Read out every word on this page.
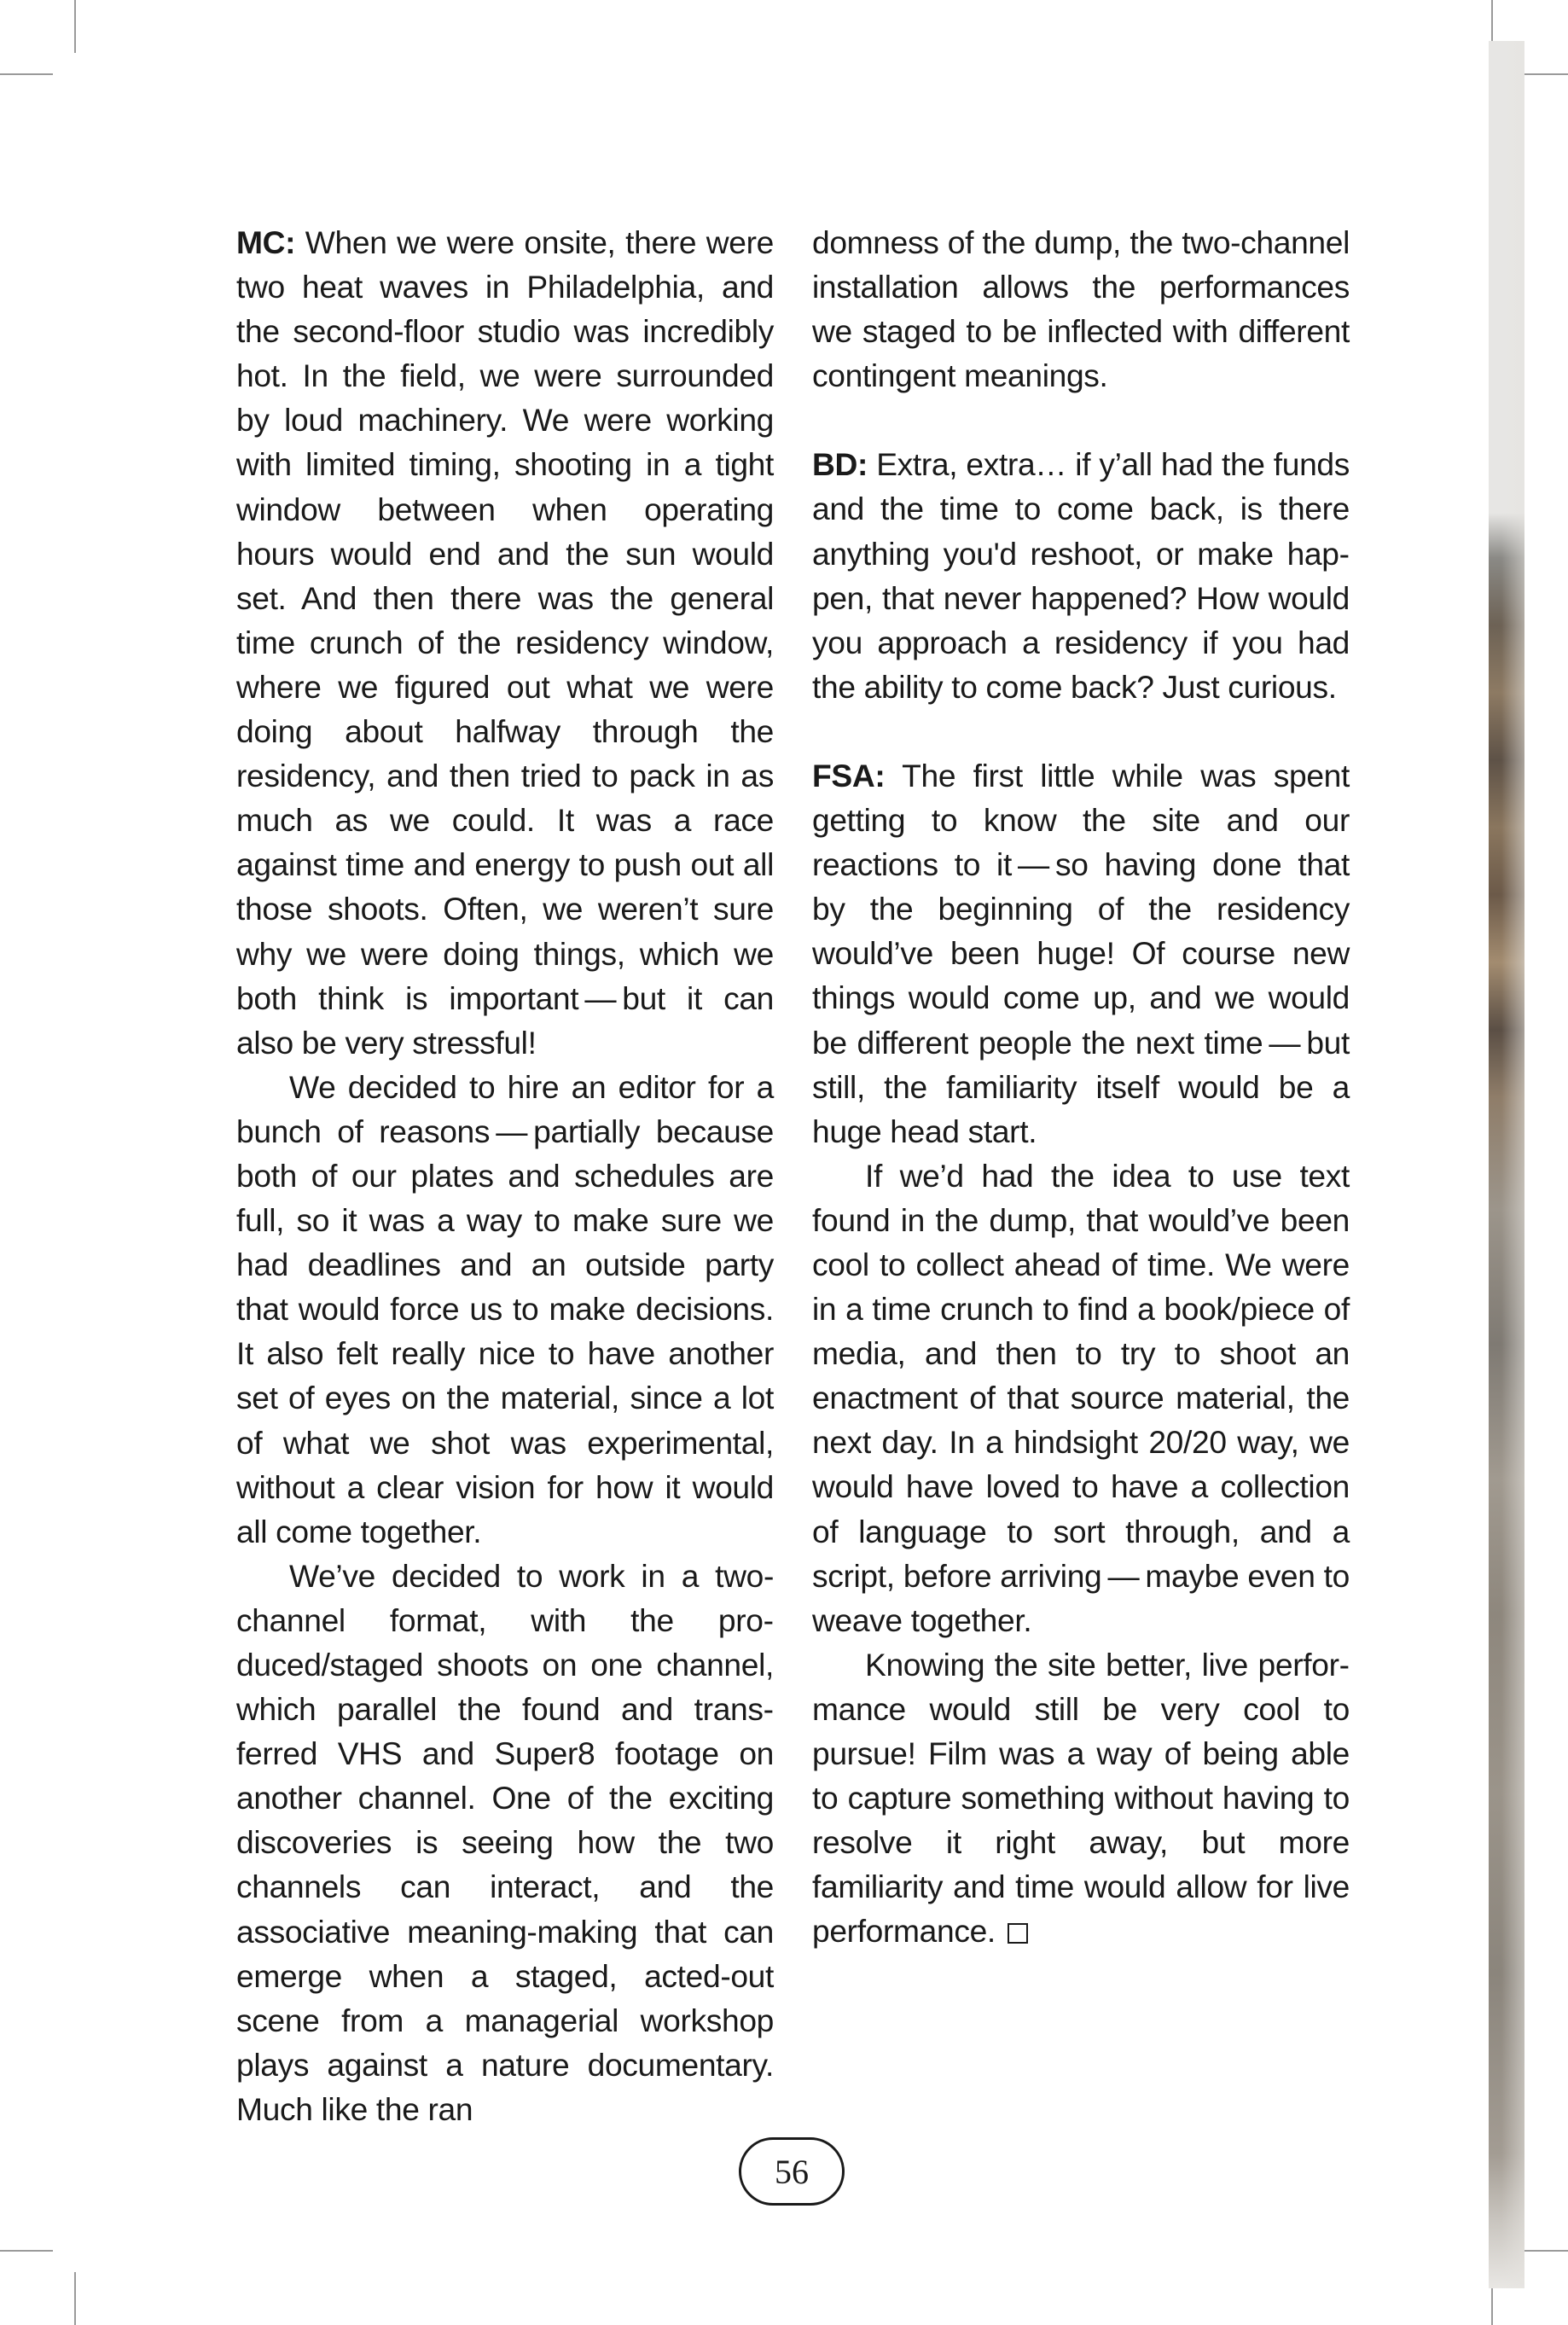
MC: When we were onsite, there were two heat waves in Philadelphia, and the second-floor studio was incredibly hot. In the field, we were surrounded by loud machinery. We were working with limited timing, shooting in a tight window between when operating hours would end and the sun would set. And then there was the general time crunch of the residency window, where we figured out what we were doing about halfway through the residency, and then tried to pack in as much as we could. It was a race against time and energy to push out all those shoots. Often, we weren’t sure why we were doing things, which we both think is important — but it can also be very stressful!

We decided to hire an editor for a bunch of reasons — partially because both of our plates and schedules are full, so it was a way to make sure we had deadlines and an outside party that would force us to make decisions. It also felt really nice to have another set of eyes on the material, since a lot of what we shot was experimental, without a clear vision for how it would all come together.

We’ve decided to work in a two-channel format, with the produced/staged shoots on one channel, which parallel the found and transferred VHS and Super8 footage on another channel. One of the exciting discoveries is seeing how the two channels can interact, and the associative meaning-making that can emerge when a staged, acted-out scene from a managerial workshop plays against a nature documentary. Much like the ran

domness of the dump, the two-channel installation allows the performances we staged to be inflected with different contingent meanings.

BD: Extra, extra… if y’all had the funds and the time to come back, is there anything you'd reshoot, or make happen, that never happened? How would you approach a residency if you had the ability to come back? Just curious.

FSA: The first little while was spent getting to know the site and our reactions to it — so having done that by the beginning of the residency would’ve been huge! Of course new things would come up, and we would be different people the next time — but still, the familiarity itself would be a huge head start.

If we’d had the idea to use text found in the dump, that would’ve been cool to collect ahead of time. We were in a time crunch to find a book/piece of media, and then to try to shoot an enactment of that source material, the next day. In a hindsight 20/20 way, we would have loved to have a collection of language to sort through, and a script, before arriving — maybe even to weave together.

Knowing the site better, live performance would still be very cool to pursue! Film was a way of being able to capture something without having to resolve it right away, but more familiarity and time would allow for live performance.

56
